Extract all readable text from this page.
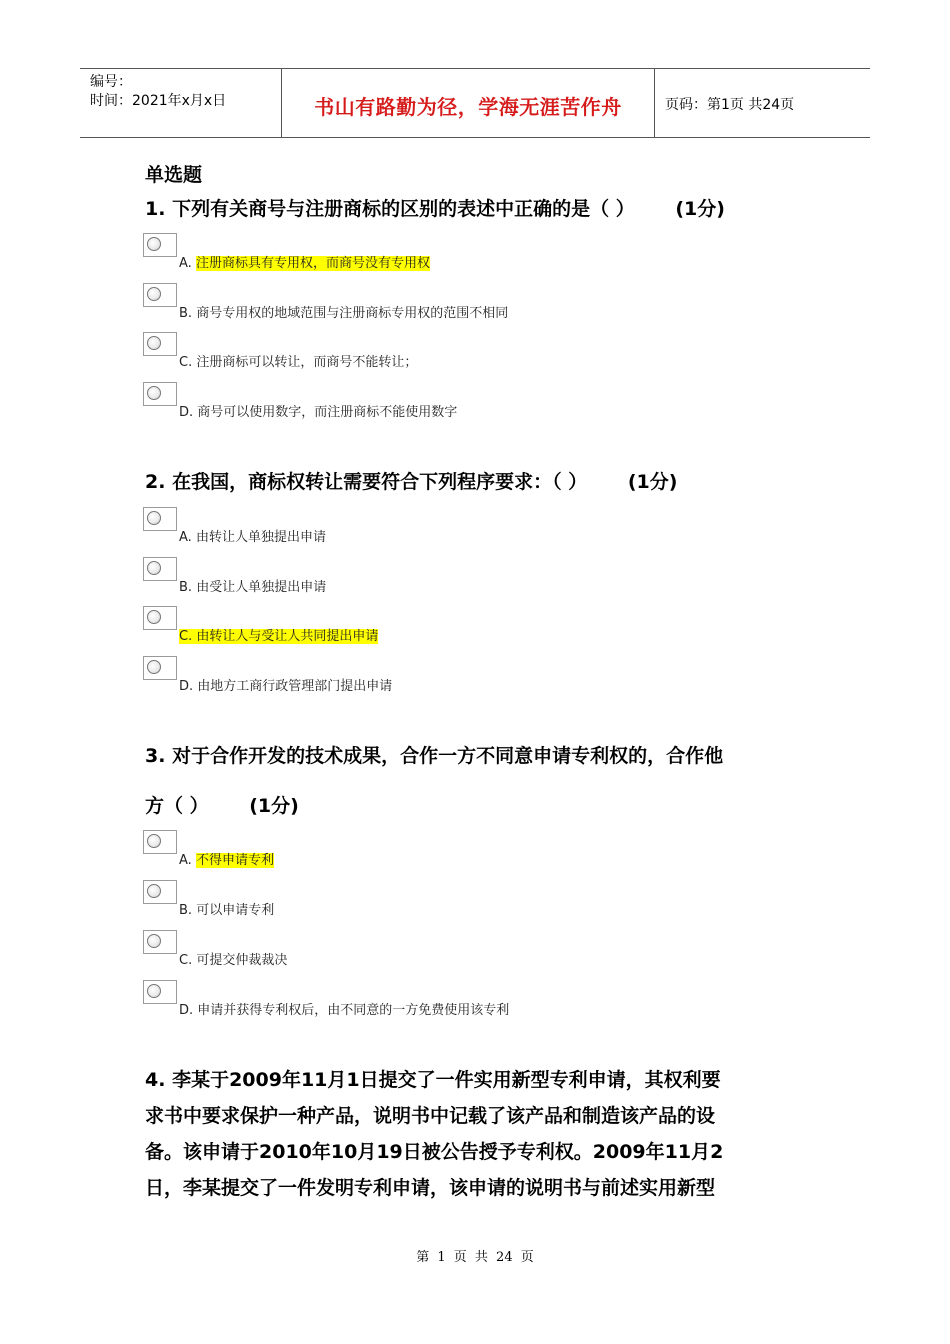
编号：
时间：2021年x月x日	书山有路勤为径，学海无涯苦作舟	页码：第1页 共24页
单选题
1. 下列有关商号与注册商标的区别的表述中正确的是（ ） (1分)
A. 注册商标具有专用权，而商号没有专用权
B. 商号专用权的地域范围与注册商标专用权的范围不相同
C. 注册商标可以转让，而商号不能转让；
D. 商号可以使用数字，而注册商标不能使用数字
2. 在我国，商标权转让需要符合下列程序要求：（ ） (1分)
A. 由转让人单独提出申请
B. 由受让人单独提出申请
C. 由转让人与受让人共同提出申请
D. 由地方工商行政管理部门提出申请
3. 对于合作开发的技术成果，合作一方不同意申请专利权的，合作他
方（ ） (1分)
A. 不得申请专利
B. 可以申请专利
C. 可提交仲裁裁决
D. 申请并获得专利权后，由不同意的一方免费使用该专利
4. 李某于2009年11月1日提交了一件实用新型专利申请，其权利要
求书中要求保护一种产品，说明书中记载了该产品和制造该产品的设
备。该申请于2010年10月19日被公告授予专利权。2009年11月2
日，李某提交了一件发明专利申请，该申请的说明书与前述实用新型
第 1 页 共 24 页
